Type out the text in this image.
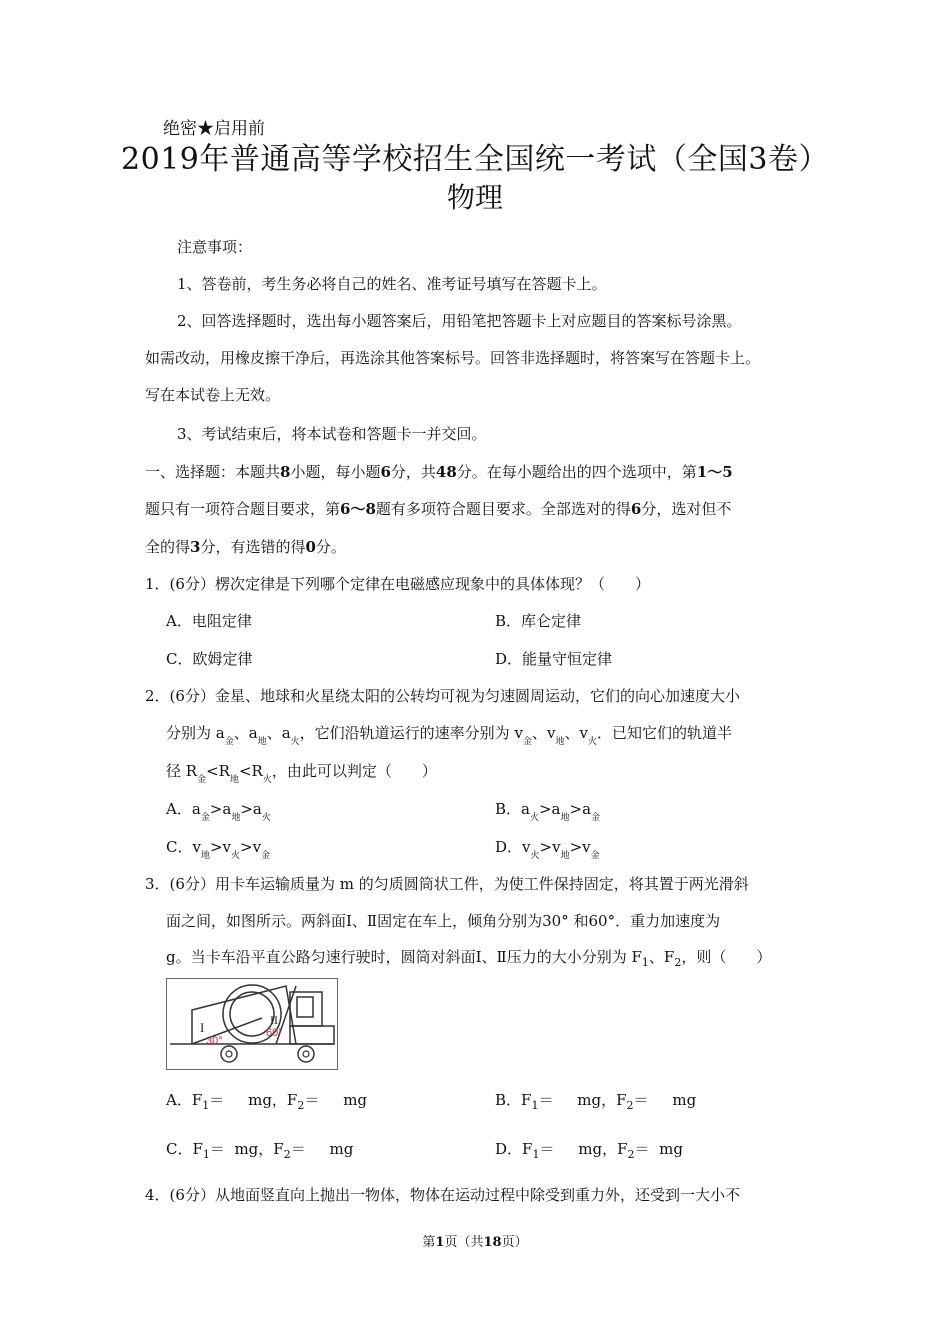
绝密★启用前
2019年普通高等学校招生全国统一考试（全国3卷）
物理
注意事项：
1、答卷前，考生务必将自己的姓名、准考证号填写在答题卡上。
2、回答选择题时，选出每小题答案后，用铅笔把答题卡上对应题目的答案标号涂黑。
如需改动，用橡皮擦干净后，再选涂其他答案标号。回答非选择题时，将答案写在答题卡上。
写在本试卷上无效。
3、考试结束后，将本试卷和答题卡一并交回。
一、选择题：本题共8小题，每小题6分，共48分。在每小题给出的四个选项中，第1～5
题只有一项符合题目要求，第6～8题有多项符合题目要求。全部选对的得6分，选对但不
全的得3分，有选错的得0分。
1．(6分）楞次定律是下列哪个定律在电磁感应现象中的具体体现？（　　）
A．电阻定律	B．库仑定律
C．欧姆定律	D．能量守恒定律
2．(6分）金星、地球和火星绕太阳的公转均可视为匀速圆周运动，它们的向心加速度大小
分别为 $a_金$、$a_地$、$a_火$，它们沿轨道运行的速率分别为 $v_金$、$v_地$、$v_火$．已知它们的轨道半
径 $R_金<R_地<R_火$，由此可以判定（　　）
A．$a_金>a_地>a_火$	B．$a_火>a_地>a_金$
C．$v_地>v_火>v_金$	D．$v_火>v_地>v_金$
3．(6分）用卡车运输质量为 m 的匀质圆筒状工件，为使工件保持固定，将其置于两光滑斜
面之间，如图所示。两斜面Ⅰ、Ⅱ固定在车上，倾角分别为30° 和60°．重力加速度为
g。当卡车沿平直公路匀速行驶时，圆筒对斜面Ⅰ、Ⅱ压力的大小分别为 $F_1$、$F_2$，则（　　）
I
30°
II
60°
A．$F_1=$ mg，$F_2=$ mg	B．$F_1=$ mg，$F_2=$ mg
C．$F_1=$ mg，$F_2=$ mg	D．$F_1=$ mg，$F_2=$ mg
4．(6分）从地面竖直向上抛出一物体，物体在运动过程中除受到重力外，还受到一大小不
第1页（共18页）
